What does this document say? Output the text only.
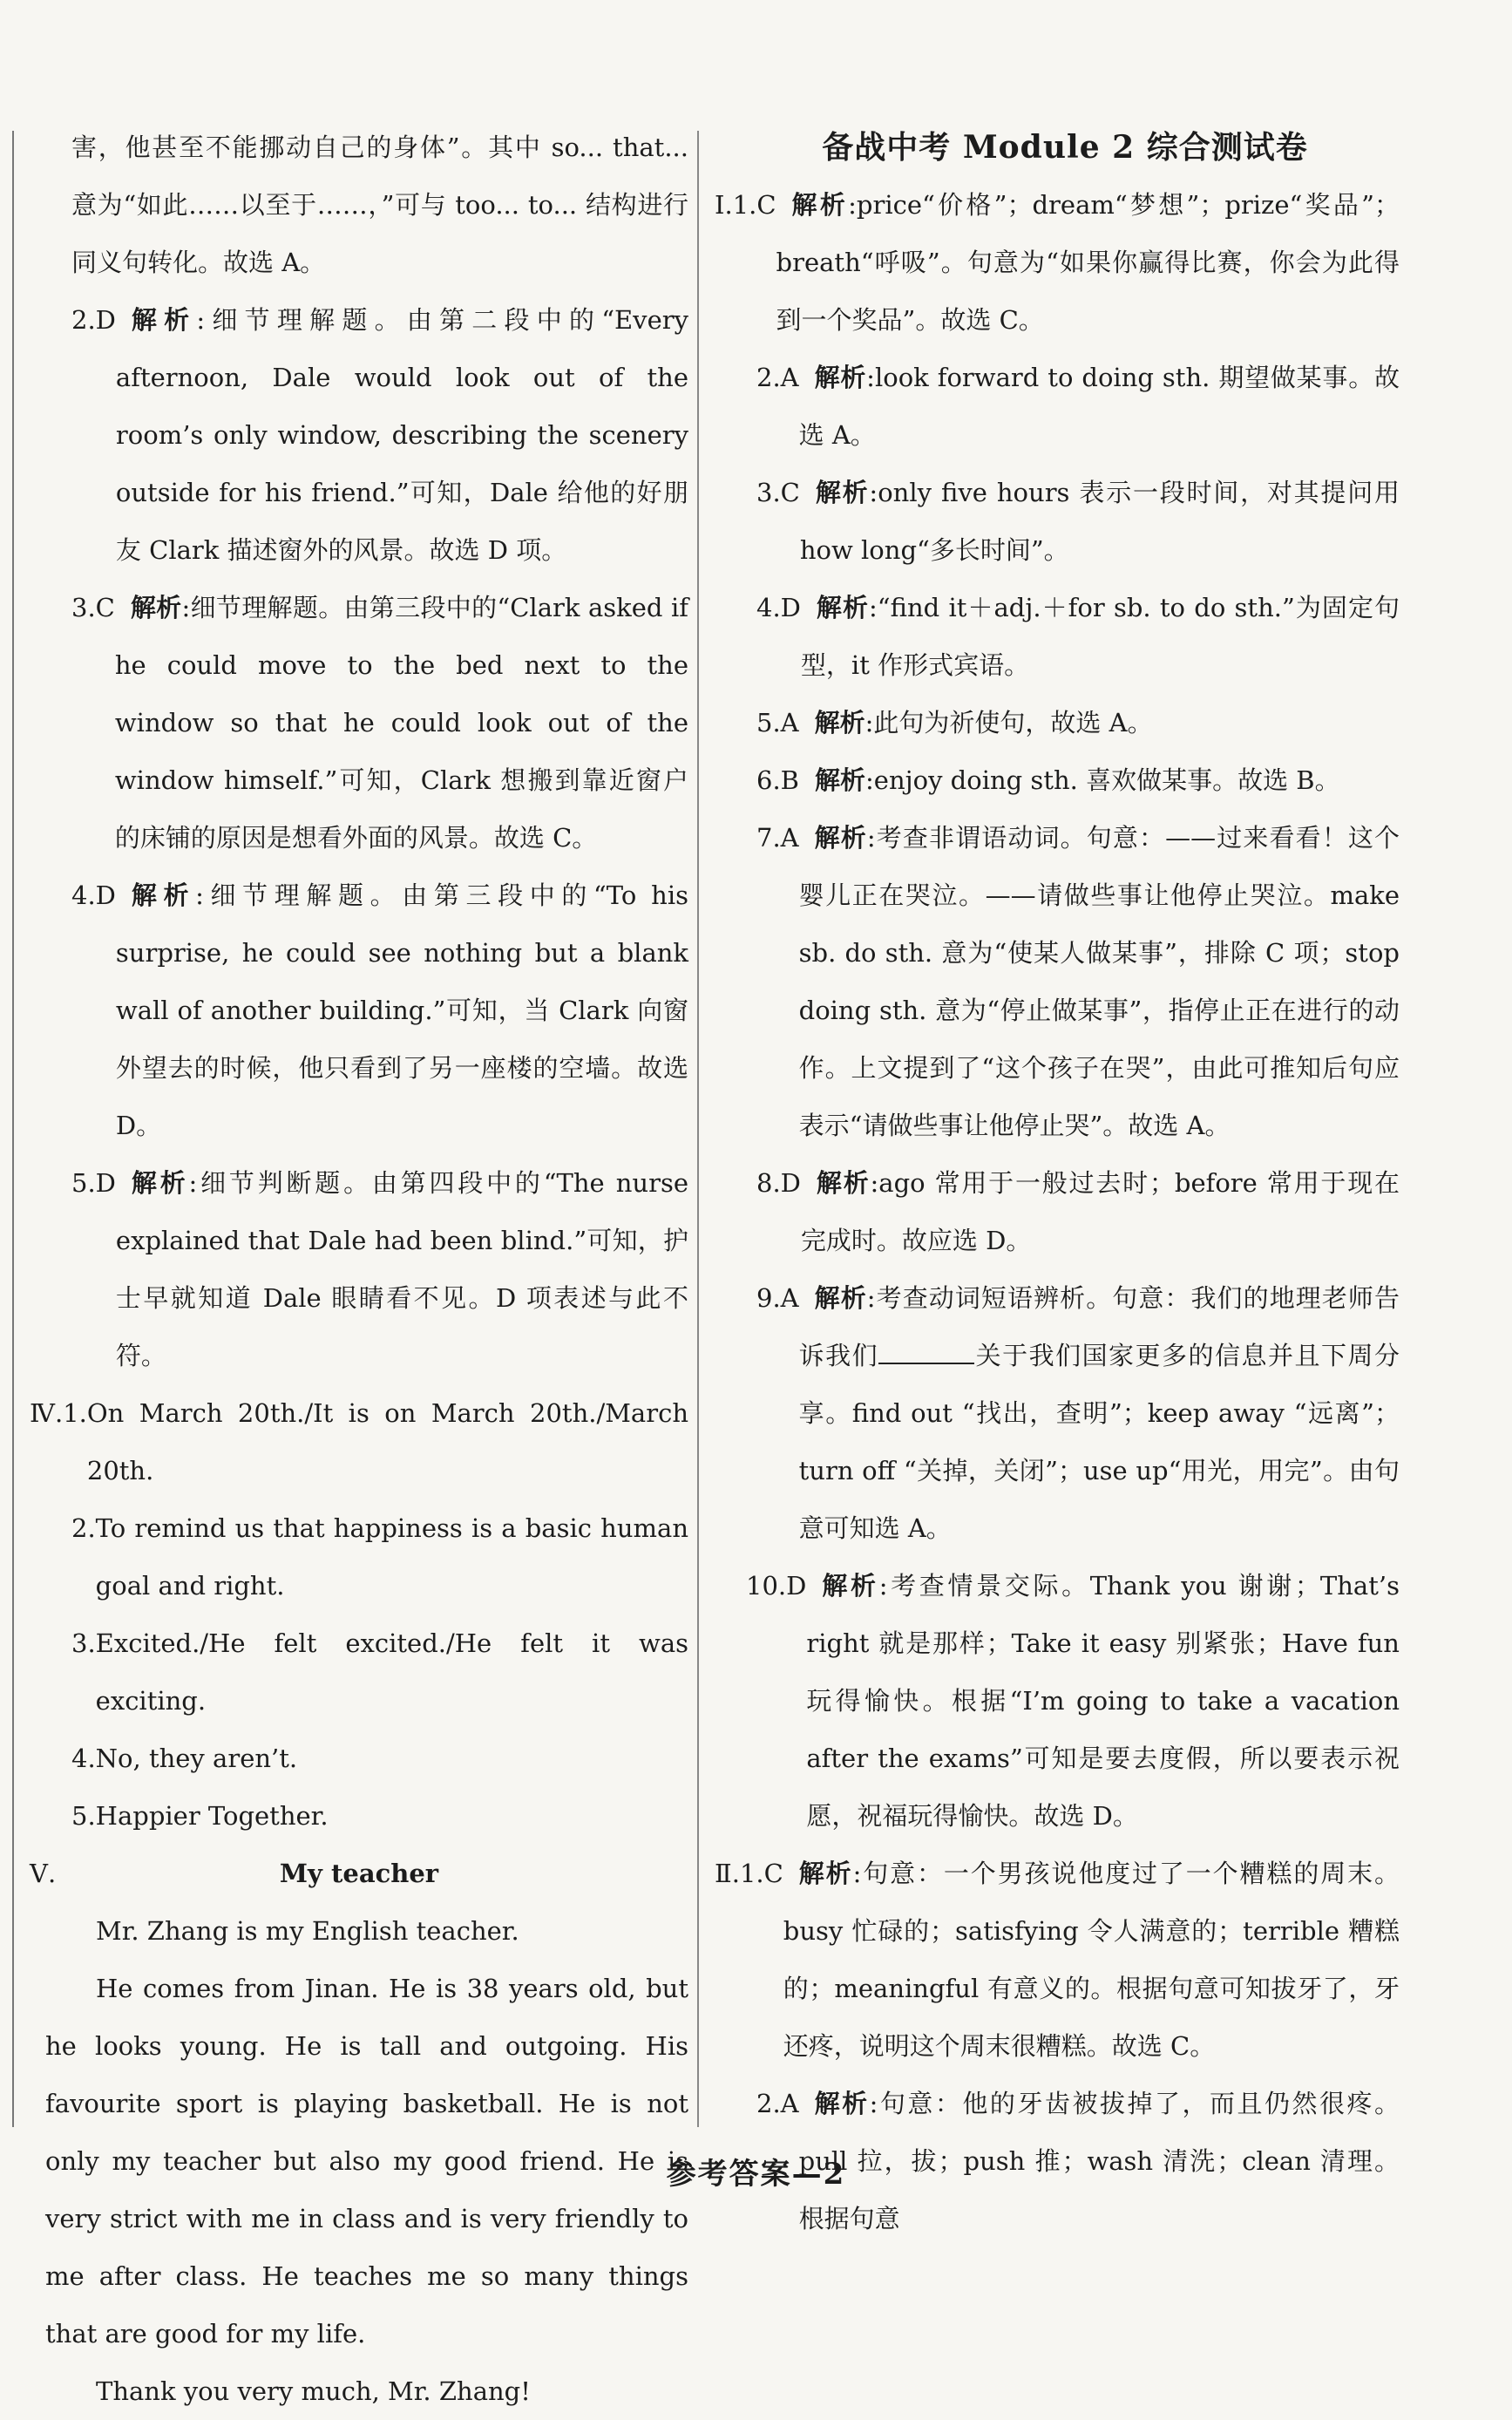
害，他甚至不能挪动自己的身体”。其中 so... that... 意为“如此……以至于……，”可与 too... to... 结构进行同义句转化。故选 A。
2.D 解析:细节理解题。由第二段中的“Every afternoon, Dale would look out of the room’s only window, describing the scenery outside for his friend.”可知，Dale 给他的好朋友 Clark 描述窗外的风景。故选 D 项。
3.C 解析:细节理解题。由第三段中的“Clark asked if he could move to the bed next to the window so that he could look out of the window himself.”可知，Clark 想搬到靠近窗户的床铺的原因是想看外面的风景。故选 C。
4.D 解析:细节理解题。由第三段中的“To his surprise, he could see nothing but a blank wall of another building.”可知，当 Clark 向窗外望去的时候，他只看到了另一座楼的空墙。故选 D。
5.D 解析:细节判断题。由第四段中的“The nurse explained that Dale had been blind.”可知，护士早就知道 Dale 眼睛看不见。D 项表述与此不符。
Ⅳ. 1. On March 20th./It is on March 20th./March 20th.
2. To remind us that happiness is a basic human goal and right.
3. Excited./He felt excited./He felt it was exciting.
4. No, they aren’t.
5. Happier Together.
Ⅴ.	My teacher

Mr. Zhang is my English teacher.

He comes from Jinan. He is 38 years old, but he looks young. He is tall and outgoing. His favourite sport is playing basketball. He is not only my teacher but also my good friend. He is very strict with me in class and is very friendly to me after class. He teaches me so many things that are good for my life.

Thank you very much, Mr. Zhang!

备战中考 Module 2 综合测试卷
Ⅰ. 1.C 解析:price“价格”；dream“梦想”；prize“奖品”；breath“呼吸”。句意为“如果你赢得比赛，你会为此得到一个奖品”。故选 C。
2.A 解析:look forward to doing sth. 期望做某事。故选 A。
3.C 解析:only five hours 表示一段时间，对其提问用 how long“多长时间”。
4.D 解析:“find it＋adj.＋for sb. to do sth.”为固定句型，it 作形式宾语。
5.A 解析:此句为祈使句，故选 A。
6.B 解析:enjoy doing sth. 喜欢做某事。故选 B。
7.A 解析:考查非谓语动词。句意：——过来看看！这个婴儿正在哭泣。——请做些事让他停止哭泣。make sb. do sth. 意为“使某人做某事”，排除 C 项；stop doing sth. 意为“停止做某事”，指停止正在进行的动作。上文提到了“这个孩子在哭”，由此可推知后句应表示“请做些事让他停止哭”。故选 A。
8.D 解析:ago 常用于一般过去时；before 常用于现在完成时。故应选 D。
9.A 解析:考查动词短语辨析。句意：我们的地理老师告诉我们	关于我们国家更多的信息并且下周分享。find out “找出，查明”；keep away “远离”；turn off “关掉，关闭”；use up“用光，用完”。由句意可知选 A。
10.D 解析:考查情景交际。Thank you 谢谢；That’s right 就是那样；Take it easy 别紧张；Have fun 玩得愉快。根据“I’m going to take a vacation after the exams”可知是要去度假，所以要表示祝愿，祝福玩得愉快。故选 D。
Ⅱ. 1.C 解析:句意：一个男孩说他度过了一个糟糕的周末。busy 忙碌的；satisfying 令人满意的；terrible 糟糕的；meaningful 有意义的。根据句意可知拔牙了，牙还疼，说明这个周末很糟糕。故选 C。
2.A 解析:句意：他的牙齿被拔掉了，而且仍然很疼。pull 拉，拔；push 推；wash 清洗；clean 清理。根据句意
参考答案—2
